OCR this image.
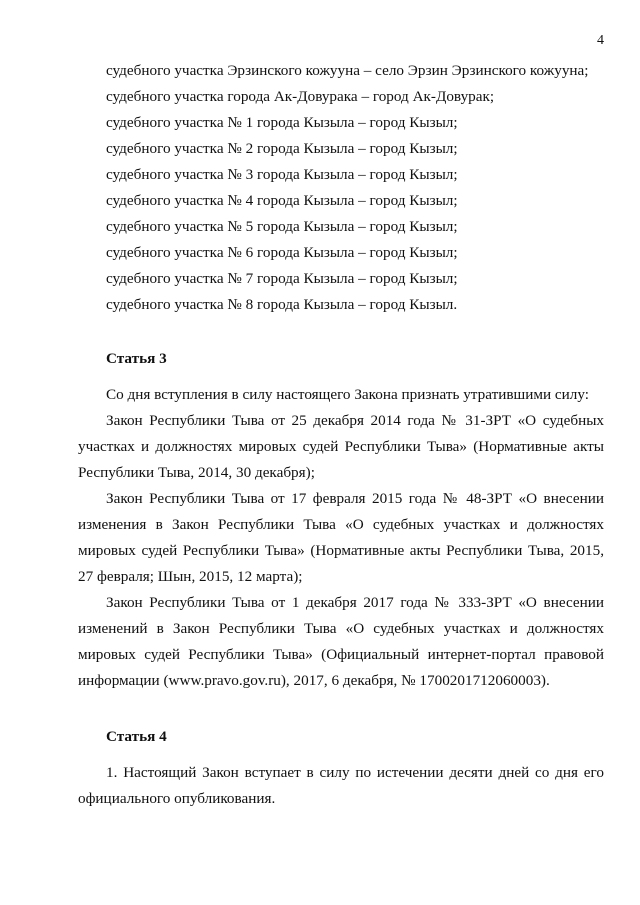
4

судебного участка Эрзинского кожууна – село Эрзин Эрзинского кожууна;

судебного участка города Ак-Довурака – город Ак-Довурак;

судебного участка № 1 города Кызыла – город Кызыл;

судебного участка № 2 города Кызыла – город Кызыл;

судебного участка № 3 города Кызыла – город Кызыл;

судебного участка № 4 города Кызыла – город Кызыл;

судебного участка № 5 города Кызыла – город Кызыл;

судебного участка № 6 города Кызыла – город Кызыл;

судебного участка № 7 города Кызыла – город Кызыл;

судебного участка № 8 города Кызыла – город Кызыл.

Статья 3

Со дня вступления в силу настоящего Закона признать утратившими силу:

Закон Республики Тыва от 25 декабря 2014 года № 31-ЗРТ «О судебных участках и должностях мировых судей Республики Тыва» (Нормативные акты Республики Тыва, 2014, 30 декабря);

Закон Республики Тыва от 17 февраля 2015 года № 48-ЗРТ «О внесении изменения в Закон Республики Тыва «О судебных участках и должностях мировых судей Республики Тыва» (Нормативные акты Республики Тыва, 2015, 27 февраля; Шын, 2015, 12 марта);

Закон Республики Тыва от 1 декабря 2017 года № 333-ЗРТ «О внесении изменений в Закон Республики Тыва «О судебных участках и должностях мировых судей Республики Тыва» (Официальный интернет-портал правовой информации (www.pravo.gov.ru), 2017, 6 декабря, № 1700201712060003).

Статья 4

1. Настоящий Закон вступает в силу по истечении десяти дней со дня его официального опубликования.
